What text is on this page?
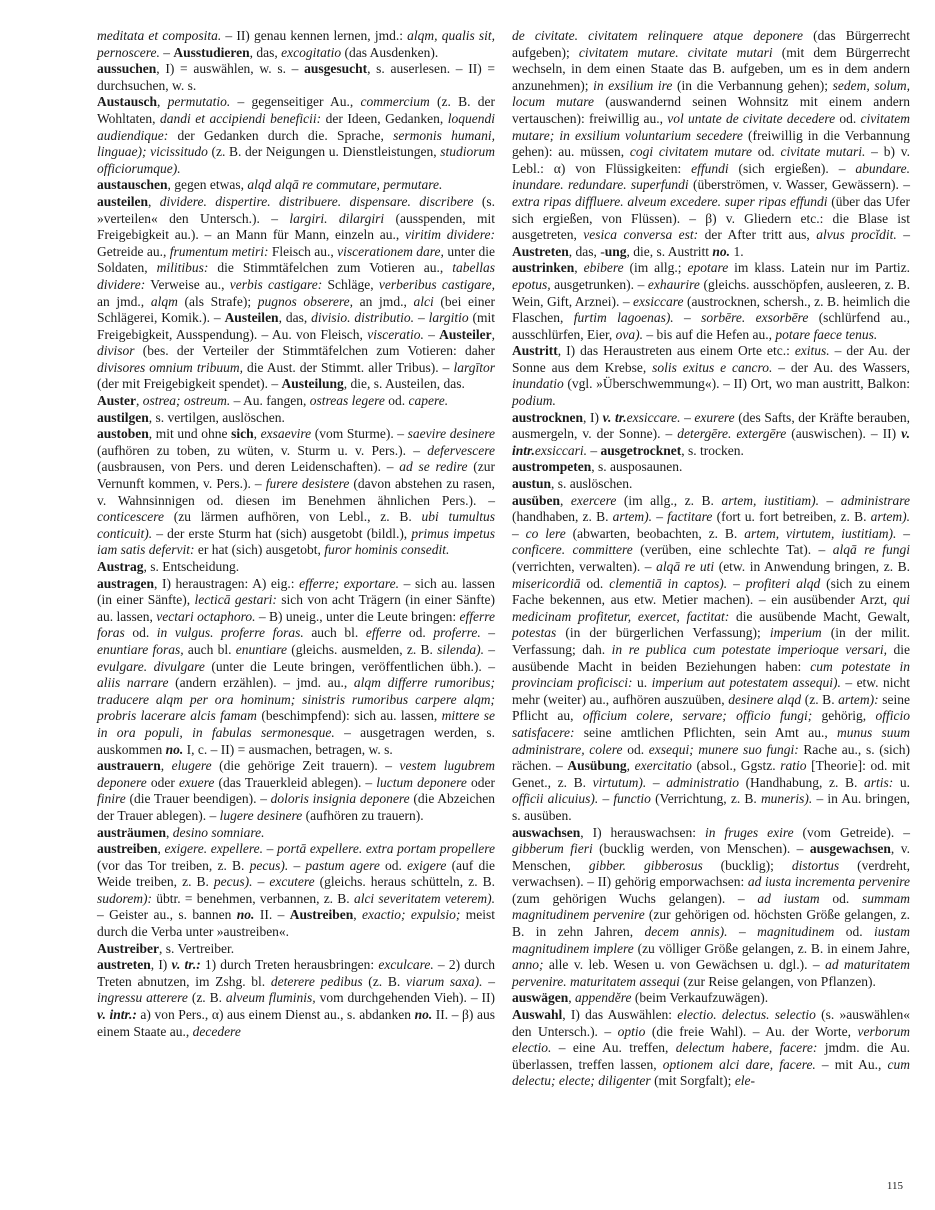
meditata et composita. – II) genau kennen lernen, jmd.: alqm, qualis sit, pernoscere. – Ausstudieren, das, excogitatio (das Ausdenken).

aussuchen, I) = auswählen, w. s. – ausgesucht, s. auserlesen. – II) = durchsuchen, w. s.

Austausch, permutatio. – gegenseitiger Au., commercium (z. B. der Wohltaten, dandi et accipiendi beneficii: der Ideen, Gedanken, loquendi audiendique: der Gedanken durch die. Sprache, sermonis humani, linguae); vicissitudo (z. B. der Neigungen u. Dienstleistungen, studiorum officiorumque).

austauschen, gegen etwas, alqd alqā re commutare, permutare.

austeilen, dividere. dispertire. distribuere. dispensare. discribere (s. »verteilen« den Untersch.). – largiri. dilargiri (ausspenden, mit Freigebigkeit au.). – an Mann für Mann, einzeln au., viritim dividere: Getreide au., frumentum metiri: Fleisch au., viscerationem dare, unter die Soldaten, militibus: die Stimmtäfelchen zum Votieren au., tabellas dividere: Verweise au., verbis castigare: Schläge, verberibus castigare, an jmd., alqm (als Strafe); pugnos obserere, an jmd., alci (bei einer Schlägerei, Komik.). – Austeilen, das, divisio. distributio. – largitio (mit Freigebigkeit, Ausspendung). – Au. von Fleisch, visceratio. – Austeiler, divisor (bes. der Verteiler der Stimmtäfelchen zum Votieren: daher divisores omnium tribuum, die Aust. der Stimmt. aller Tribus). – largītor (der mit Freigebigkeit spendet). – Austeilung, die, s. Austeilen, das.

Auster, ostrea; ostreum. – Au. fangen, ostreas legere od. capere.

austilgen, s. vertilgen, auslöschen.

austoben, mit und ohne sich, exsaevire (vom Sturme). – saevire desinere (aufhören zu toben, zu wüten, v. Sturm u. v. Pers.). – defervescere (ausbrausen, von Pers. und deren Leidenschaften). – ad se redire (zur Vernunft kommen, v. Pers.). – furere desistere (davon abstehen zu rasen, v. Wahnsinnigen od. diesen im Benehmen ähnlichen Pers.). – conticescere (zu lärmen aufhören, von Lebl., z. B. ubi tumultus conticuit). – der erste Sturm hat (sich) ausgetobt (bildl.), primus impetus iam satis defervit: er hat (sich) ausgetobt, furor hominis consedit.

Austrag, s. Entscheidung.

austragen, I) heraustragen: A) eig.: efferre; exportare. – sich au. lassen (in einer Sänfte), lecticā gestari: sich von acht Trägern (in einer Sänfte) au. lassen, vectari octaphoro. – B) uneig., unter die Leute bringen: efferre foras od. in vulgus. proferre foras. auch bl. efferre od. proferre. – enuntiare foras, auch bl. enuntiare (gleichs. ausmelden, z. B. silenda). – evulgare. divulgare (unter die Leute bringen, veröffentlichen übh.). – aliis narrare (andern erzählen). – jmd. au., alqm differre rumoribus; traducere alqm per ora hominum; sinistris rumoribus carpere alqm; probris lacerare alcis famam (beschimpfend): sich au. lassen, mittere se in ora populi, in fabulas sermonesque. – ausgetragen werden, s. auskommen no. I, c. – II) = ausmachen, betragen, w. s.

austrauern, elugere (die gehörige Zeit trauern). – vestem lugubrem deponere oder exuere (das Trauerkleid ablegen). – luctum deponere oder finire (die Trauer beendigen). – doloris insignia deponere (die Abzeichen der Trauer ablegen). – lugere desinere (aufhören zu trauern).

austräumen, desino somniare.

austreiben, exigere. expellere. – portā expellere. extra portam propellere (vor das Tor treiben, z. B. pecus). – pastum agere od. exigere (auf die Weide treiben, z. B. pecus). – excutere (gleichs. heraus schütteln, z. B. sudorem): übtr. = benehmen, verbannen, z. B. alci severitatem veterem). – Geister au., s. bannen no. II. – Austreiben, exactio; expulsio; meist durch die Verba unter »austreiben«.

Austreiber, s. Vertreiber.

austreten, I) v. tr.: 1) durch Treten herausbringen: exculcare. – 2) durch Treten abnutzen, im Zshg. bl. deterere pedibus (z. B. viarum saxa). – ingressu atterere (z. B. alveum fluminis, vom durchgehenden Vieh). – II) v. intr.: a) von Pers., α) aus einem Dienst au., s. abdanken no. II. – β) aus einem Staate au., decedere

de civitate. civitatem relinquere atque deponere (das Bürgerrecht aufgeben); civitatem mutare. civitate mutari (mit dem Bürgerrecht wechseln, in dem einen Staate das B. aufgeben, um es in dem andern anzunehmen); in exsilium ire (in die Verbannung gehen); sedem, solum, locum mutare (auswandernd seinen Wohnsitz mit einem andern vertauschen): freiwillig au., vol untate de civitate decedere od. civitatem mutare; in exsilium voluntarium secedere (freiwillig in die Verbannung gehen): au. müssen, cogi civitatem mutare od. civitate mutari. – b) v. Lebl.: α) von Flüssigkeiten: effundi (sich ergießen). – abundare. inundare. redundare. superfundi (überströmen, v. Wasser, Gewässern). – extra ripas diffluere. alveum excedere. super ripas effundi (über das Ufer sich ergießen, von Flüssen). – β) v. Gliedern etc.: die Blase ist ausgetreten, vesica conversa est: der After tritt aus, alvus procĭdit. – Austreten, das, -ung, die, s. Austritt no. 1.

austrinken, ebibere (im allg.; epotare im klass. Latein nur im Partiz. epotus, ausgetrunken). – exhaurire (gleichs. ausschöpfen, ausleeren, z. B. Wein, Gift, Arznei). – exsiccare (austrocknen, schersh., z. B. heimlich die Flaschen, furtim lagoenas). – sorbēre. exsorbēre (schlürfend au., ausschlürfen, Eier, ova). – bis auf die Hefen au., potare faece tenus.

Austritt, I) das Heraustreten aus einem Orte etc.: exitus. – der Au. der Sonne aus dem Krebse, solis exitus e cancro. – der Au. des Wassers, inundatio (vgl. »Überschwemmung«). – II) Ort, wo man austritt, Balkon: podium.

austrocknen, I) v. tr.exsiccare. – exurere (des Safts, der Kräfte berauben, ausmergeln, v. der Sonne). – detergēre. extergēre (auswischen). – II) v. intr.exsiccari. – ausgetrocknet, s. trocken.

austrompeten, s. ausposaunen.

austun, s. auslöschen.

ausüben, exercere (im allg., z. B. artem, iustitiam). – administrare (handhaben, z. B. artem). – factitare (fort u. fort betreiben, z. B. artem). – co lere (abwarten, beobachten, z. B. artem, virtutem, iustitiam). – conficere. committere (verüben, eine schlechte Tat). – alqā re fungi (verrichten, verwalten). – alqā re uti (etw. in Anwendung bringen, z. B. misericordiā od. clementiā in captos). – profiteri alqd (sich zu einem Fache bekennen, aus etw. Metier machen). – ein ausübender Arzt, qui medicinam profitetur, exercet, factitat: die ausübende Macht, Gewalt, potestas (in der bürgerlichen Verfassung); imperium (in der milit. Verfassung; dah. in re publica cum potestate imperioque versari, die ausübende Macht in beiden Beziehungen haben: cum potestate in provinciam proficisci: u. imperium aut potestatem assequi). – etw. nicht mehr (weiter) au., aufhören auszuüben, desinere alqd (z. B. artem): seine Pflicht au, officium colere, servare; officio fungi; gehörig, officio satisfacere: seine amtlichen Pflichten, sein Amt au., munus suum administrare, colere od. exsequi; munere suo fungi: Rache au., s. (sich) rächen. – Ausübung, exercitatio (absol., Ggstz. ratio [Theorie]: od. mit Genet., z. B. virtutum). – administratio (Handhabung, z. B. artis: u. officii alicuius). – functio (Verrichtung, z. B. muneris). – in Au. bringen, s. ausüben.

auswachsen, I) herauswachsen: in fruges exire (vom Getreide). – gibberum fieri (bucklig werden, von Menschen). – ausgewachsen, v. Menschen, gibber. gibberosus (bucklig); distortus (verdreht, verwachsen). – II) gehörig emporwachsen: ad iusta incrementa pervenire (zum gehörigen Wuchs gelangen). – ad iustam od. summam magnitudinem pervenire (zur gehörigen od. höchsten Größe gelangen, z. B. in zehn Jahren, decem annis). – magnitudinem od. iustam magnitudinem implere (zu völliger Größe gelangen, z. B. in einem Jahre, anno; alle v. leb. Wesen u. von Gewächsen u. dgl.). – ad maturitatem pervenire. maturitatem assequi (zur Reise gelangen, von Pflanzen).

auswägen, appendĕre (beim Verkaufzuwägen).

Auswahl, I) das Auswählen: electio. delectus. selectio (s. »auswählen« den Untersch.). – optio (die freie Wahl). – Au. der Worte, verborum electio. – eine Au. treffen, delectum habere, facere: jmdm. die Au. überlassen, treffen lassen, optionem alci dare, facere. – mit Au., cum delectu; electe; diligenter (mit Sorgfalt); ele-

115
